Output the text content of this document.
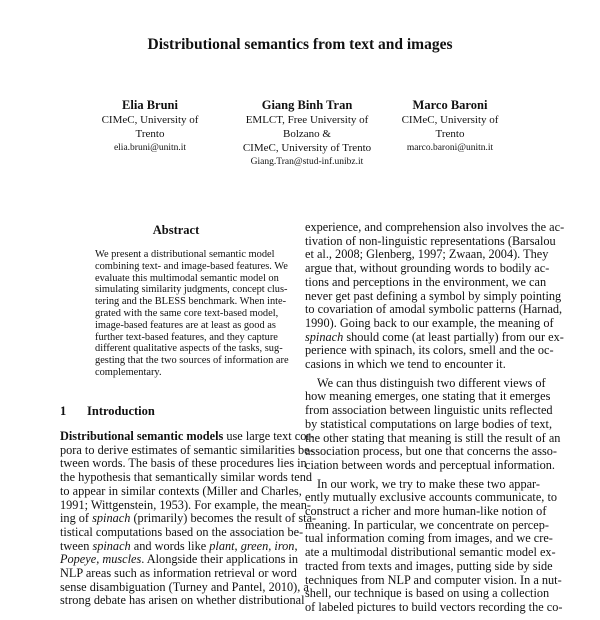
Distributional semantics from text and images
Elia Bruni
CIMeC, University of Trento
elia.bruni@unitn.it
Giang Binh Tran
EMLCT, Free University of Bolzano &
CIMeC, University of Trento
Giang.Tran@stud-inf.unibz.it
Marco Baroni
CIMeC, University of Trento
marco.baroni@unitn.it
Abstract
We present a distributional semantic model
combining text- and image-based features. We
evaluate this multimodal semantic model on
simulating similarity judgments, concept clus-
tering and the BLESS benchmark. When inte-
grated with the same core text-based model,
image-based features are at least as good as
further text-based features, and they capture
different qualitative aspects of the tasks, sug-
gesting that the two sources of information are
complementary.
1 Introduction
Distributional semantic models use large text cor-
pora to derive estimates of semantic similarities be-
tween words. The basis of these procedures lies in
the hypothesis that semantically similar words tend
to appear in similar contexts (Miller and Charles,
1991; Wittgenstein, 1953). For example, the mean-
ing of spinach (primarily) becomes the result of sta-
tistical computations based on the association be-
tween spinach and words like plant, green, iron,
Popeye, muscles. Alongside their applications in
NLP areas such as information retrieval or word
sense disambiguation (Turney and Pantel, 2010), a
strong debate has arisen on whether distributional
experience, and comprehension also involves the ac-
tivation of non-linguistic representations (Barsalou
et al., 2008; Glenberg, 1997; Zwaan, 2004). They
argue that, without grounding words to bodily ac-
tions and perceptions in the environment, we can
never get past defining a symbol by simply pointing
to covariation of amodal symbolic patterns (Harnad,
1990). Going back to our example, the meaning of
spinach should come (at least partially) from our ex-
perience with spinach, its colors, smell and the oc-
casions in which we tend to encounter it.
We can thus distinguish two different views of
how meaning emerges, one stating that it emerges
from association between linguistic units reflected
by statistical computations on large bodies of text,
the other stating that meaning is still the result of an
association process, but one that concerns the asso-
ciation between words and perceptual information.
In our work, we try to make these two appar-
ently mutually exclusive accounts communicate, to
construct a richer and more human-like notion of
meaning. In particular, we concentrate on percep-
tual information coming from images, and we cre-
ate a multimodal distributional semantic model ex-
tracted from texts and images, putting side by side
techniques from NLP and computer vision. In a nut-
shell, our technique is based on using a collection
of labeled pictures to build vectors recording the co-
